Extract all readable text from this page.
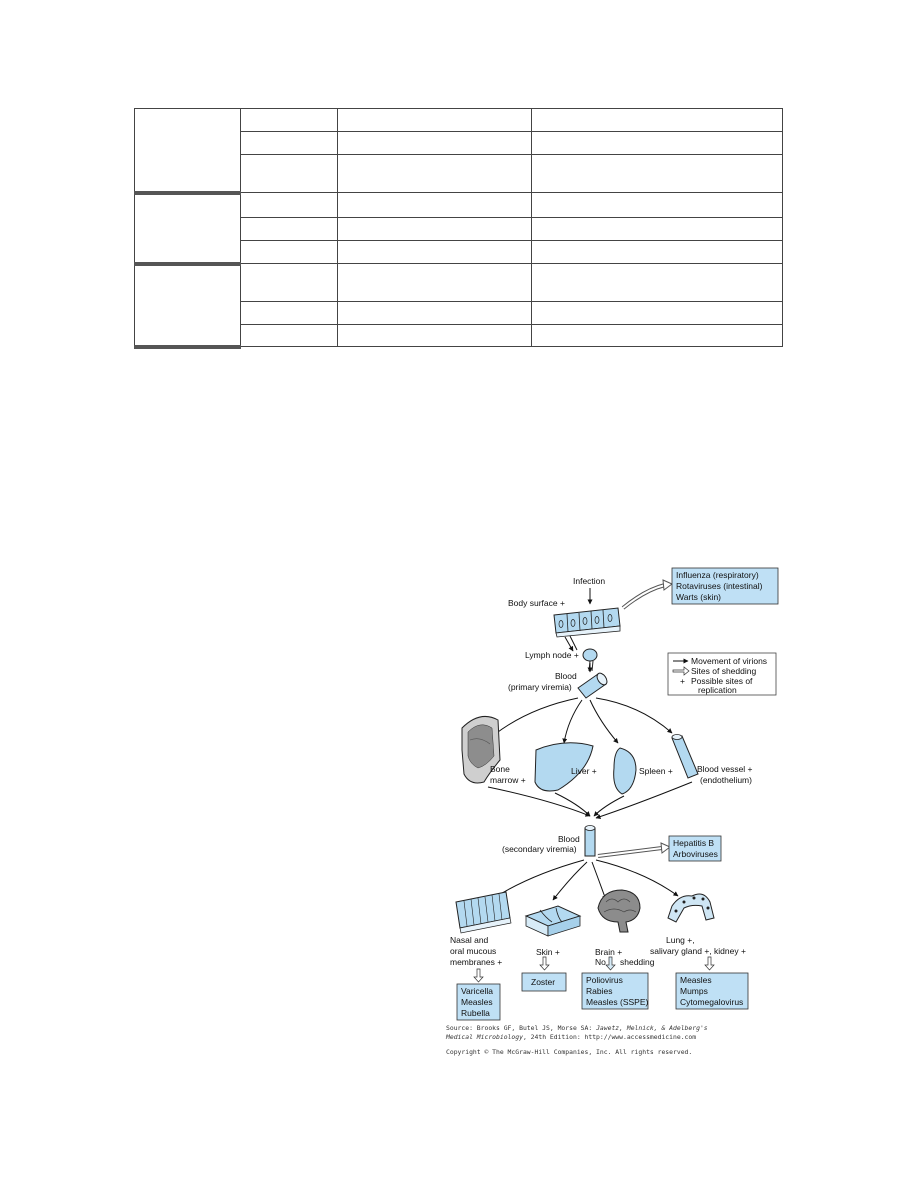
Infection
Body surface +
Influenza (respiratory)
Rotaviruses (intestinal)
Warts (skin)
Movement of virions
Sites of shedding
+ Possible sites of
replication
Lymph node +
Blood
(primary viremia)
Bone
marrow +
Liver +	Spleen +	Blood vessel +
(endothelium)
Blood
(secondary viremia)
Hepatitis B
Arboviruses
Nasal and
oral mucous
membranes +
Skin +	Brain +
No shedding
Lung +,
salivary gland +, kidney +
Varicella
Measles
Rubella
Zoster	Poliovirus
Rabies
Measles (SSPE)
Measles
Mumps
Cytomegalovirus
Source: Brooks GF, Butel JS, Morse SA: Jawetz, Melnick, & Adelberg's
Medical Microbiology, 24th Edition: http://www.accessmedicine.com
Copyright © The McGraw-Hill Companies, Inc. All rights reserved.
